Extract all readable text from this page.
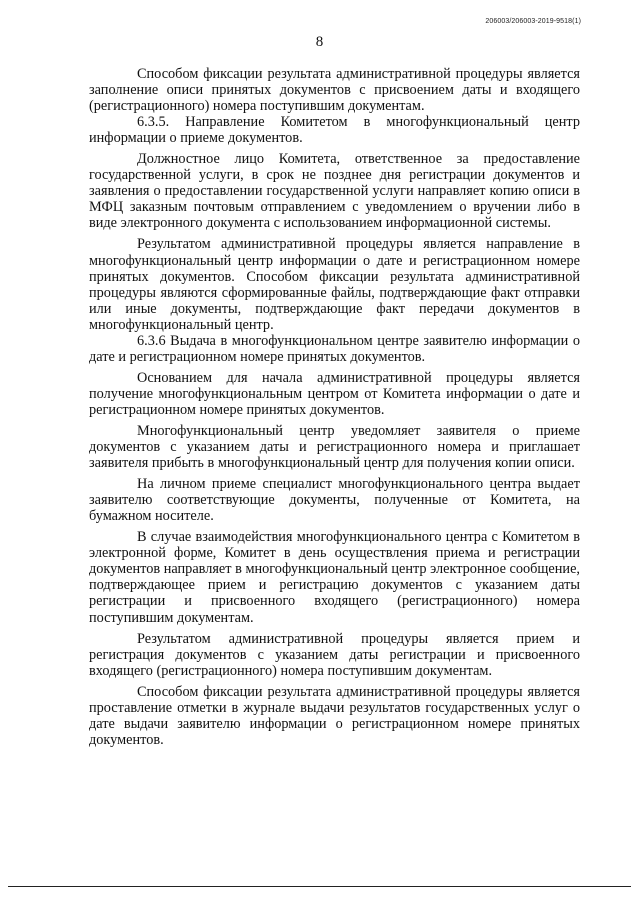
206003/206003-2019-9518(1)
8

Способом фиксации результата административной процедуры является заполнение описи принятых документов с присвоением даты и входящего (регистрационного) номера поступившим документам.

6.3.5. Направление Комитетом в многофункциональный центр информации о приеме документов.

Должностное лицо Комитета, ответственное за предоставление государственной услуги, в срок не позднее дня регистрации документов и заявления о предоставлении государственной услуги направляет копию описи в МФЦ заказным почтовым отправлением с уведомлением о вручении либо в виде электронного документа с использованием информационной системы.

Результатом административной процедуры является направление в многофункциональный центр информации о дате и регистрационном номере принятых документов. Способом фиксации результата административной процедуры являются сформированные файлы, подтверждающие факт отправки или иные документы, подтверждающие факт передачи документов в многофункциональный центр.

6.3.6 Выдача в многофункциональном центре заявителю информации о дате и регистрационном номере принятых документов.

Основанием для начала административной процедуры является получение многофункциональным центром от Комитета информации о дате и регистрационном номере принятых документов.

Многофункциональный центр уведомляет заявителя о приеме документов с указанием даты и регистрационного номера и приглашает заявителя прибыть в многофункциональный центр для получения копии описи.

На личном приеме специалист многофункционального центра выдает заявителю соответствующие документы, полученные от Комитета, на бумажном носителе.

В случае взаимодействия многофункционального центра с Комитетом в электронной форме, Комитет в день осуществления приема и регистрации документов направляет в многофункциональный центр электронное сообщение, подтверждающее прием и регистрацию документов с указанием даты регистрации и присвоенного входящего (регистрационного) номера поступившим документам.

Результатом административной процедуры является прием и регистрация документов с указанием даты регистрации и присвоенного входящего (регистрационного) номера поступившим документам.

Способом фиксации результата административной процедуры является проставление отметки в журнале выдачи результатов государственных услуг о дате выдачи заявителю информации о регистрационном номере принятых документов.
